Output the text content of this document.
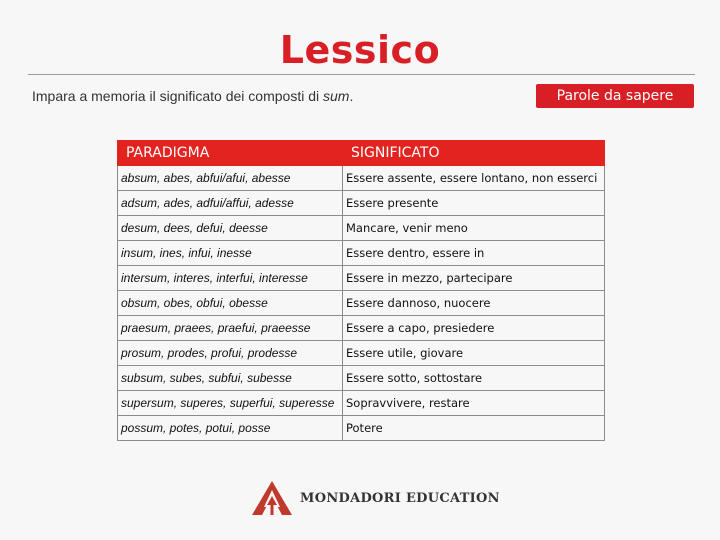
Lessico
Impara a memoria il significato dei composti di sum.	Parole da sapere
PARADIGMA	SIGNIFICATO
absum, abes, abfui/afui, abesse	Essere assente, essere lontano, non esserci
adsum, ades, adfui/affui, adesse	Essere presente
desum, dees, defui, deesse	Mancare, venir meno
insum, ines, infui, inesse	Essere dentro, essere in
intersum, interes, interfui, interesse	Essere in mezzo, partecipare
obsum, obes, obfui, obesse	Essere dannoso, nuocere
praesum, praees, praefui, praeesse	Essere a capo, presiedere
prosum, prodes, profui, prodesse	Essere utile, giovare
subsum, subes, subfui, subesse	Essere sotto, sottostare
supersum, superes, superfui, superesse	Sopravvivere, restare
possum, potes, potui, posse	Potere
MONDADORI EDUCATION
